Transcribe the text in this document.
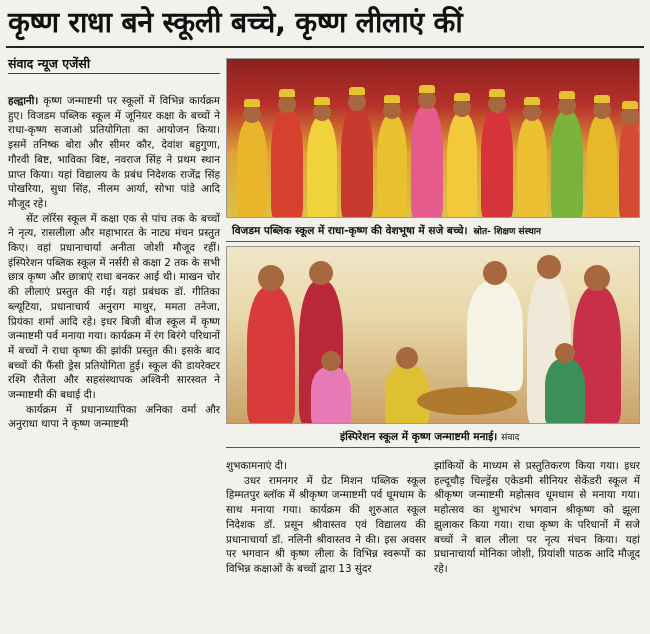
कृष्ण राधा बने स्कूली बच्चे, कृष्ण लीलाएं कीं
संवाद न्यूज एजेंसी

हल्द्वानी। कृष्ण जन्माष्टमी पर स्कूलों में विभिन्न कार्यक्रम हुए। विजडम पब्लिक स्कूल में जूनियर कक्षा के बच्चों ने राधा-कृष्ण सजाओ प्रतियोगिता का आयोजन किया। इसमें तनिष्क बोरा और सीमर कौर, देवांश बहुगुणा, गौरवी बिष्ट, भाविका बिष्ट, नवराज सिंह ने प्रथम स्थान प्राप्त किया। यहां विद्यालय के प्रबंध निदेशक राजेंद्र सिंह पोखरिया, सुधा सिंह, नीलम आर्या, सोभा पांडे आदि मौजूद रहे।

सेंट लॉरेंस स्कूल में कक्षा एक से पांच तक के बच्चों ने नृत्य, रासलीला और महाभारत के नाट्य मंचन प्रस्तुत किए। वहां प्रधानाचार्या अनीता जोशी मौजूद रहीं। इंस्पिरेशन पब्लिक स्कूल में नर्सरी से कक्षा 2 तक के सभी छात्र कृष्ण और छात्राएं राधा बनकर आई थी। माखन चोर की लीलाएं प्रस्तुत की गई। यहां प्रबंधक डॉ. गीतिका ब्ल्यूटिया, प्रधानाचार्य अनुराग माथुर, ममता तनेजा, प्रियंका शर्मा आदि रहे। इधर बिजी बीज स्कूल में कृष्ण जन्माष्टमी पर्व मनाया गया। कार्यक्रम में रंग बिरंगे परिधानों में बच्चों ने राधा कृष्ण की झांकी प्रस्तुत की। इसके बाद बच्चों की फैंसी ड्रेस प्रतियोगिता हुई। स्कूल की डायरेक्टर रश्मि रौतेला और सहसंस्थापक अश्विनी सारस्वत ने जन्माष्टमी की बधाई दी।

कार्यक्रम में प्रधानाध्यापिका अनिका वर्मा और अनुराधा थापा ने कृष्ण जन्माष्टमी

विजडम पब्लिक स्कूल में राधा-कृष्ण की वेशभूषा में सजे बच्चे। स्रोत- शिक्षण संस्थान
इंस्पिरेशन स्कूल में कृष्ण जन्माष्टमी मनाई। संवाद

शुभकामनाएं दी।

उधर रामनगर में ग्रेट मिशन पब्लिक स्कूल हिम्मतपुर ब्लॉक में श्रीकृष्ण जन्माष्टमी पर्व धूमधाम के साथ मनाया गया। कार्यक्रम की शुरुआत स्कूल निदेशक डॉ. प्रसून श्रीवास्तव एवं विद्यालय की प्रधानाचार्या डॉ. नलिनी श्रीवास्तव ने की। इस अवसर पर भगवान श्री कृष्ण लीला के विभिन्न स्वरूपों का विभिन्न कक्षाओं के बच्चों द्वारा 13 सुंदर

झांकियों के माध्यम से प्रस्तुतिकरण किया गया। इधर हल्दूचौड़ चिल्ड्रेंस एकेडमी सीनियर सेकेंडरी स्कूल में श्रीकृष्ण जन्माष्टमी महोत्सव धूमधाम से मनाया गया। महोत्सव का शुभारंभ भगवान श्रीकृष्ण को झूला झुलाकर किया गया। राधा कृष्ण के परिधानों में सजे बच्चों ने बाल लीला पर नृत्य मंचन किया। यहां प्रधानाचार्या मोनिका जोशी, प्रियांशी पाठक आदि मौजूद रहे।
